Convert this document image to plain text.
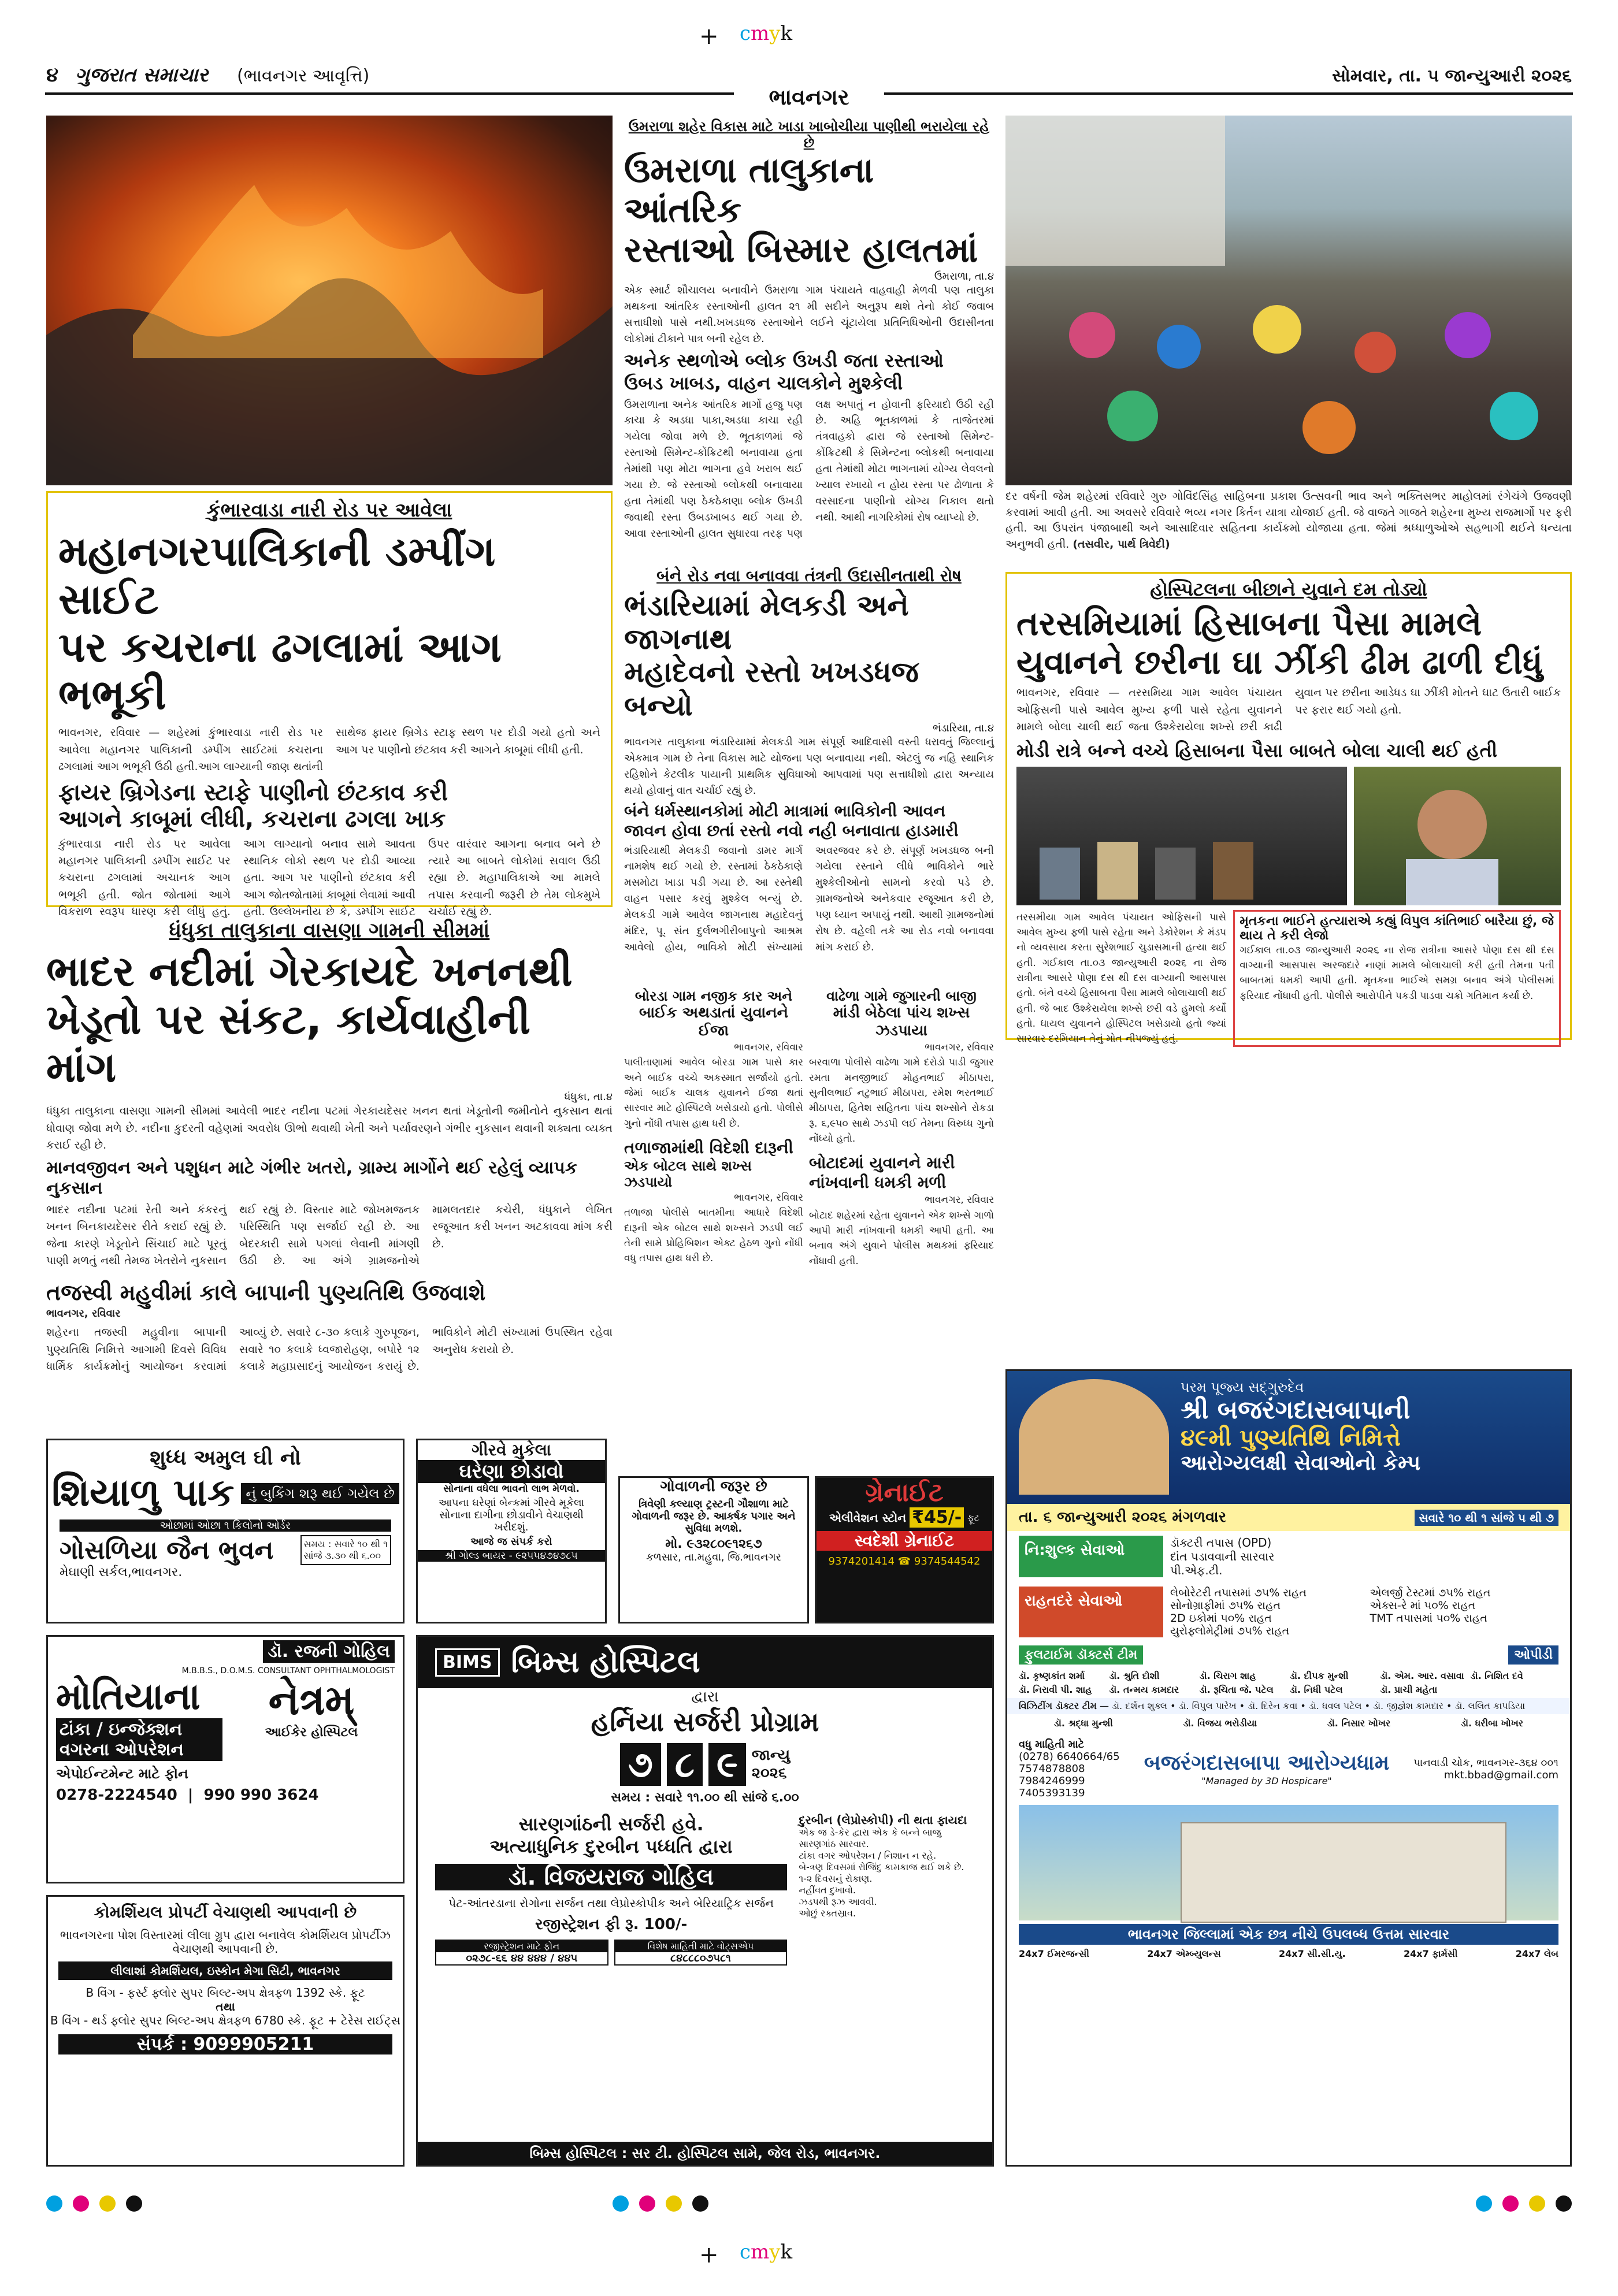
+ cmyk
૪ ગુજરાત સમાચાર (ભાવનગર આવૃત્તિ)	સોમવાર, તા. ૫ જાન્યુઆરી ૨૦૨૬
ભાવનગર
કુંભારવાડા નારી રોડ પર આવેલા
મહાનગરપાલિકાની ડમ્પીંગ સાઈટ
પર કચરાના ઢગલામાં આગ ભભૂકી
ભાવનગર, રવિવાર — શહેરમાં કુંભારવાડા નારી રોડ પર આવેલા મહાનગર પાલિકાની ડમ્પીંગ સાઈટમાં કચરાના ઢગલામાં આગ ભભૂકી ઉઠી હતી.આગ લાગ્યાની જાણ થતાંની સાથેજ ફાયર બ્રિગેડ સ્ટાફ સ્થળ પર દોડી ગયો હતો અને આગ પર પાણીનો છંટકાવ કરી આગને કાબૂમાં લીધી હતી.
ફાયર બ્રિગેડના સ્ટાફે પાણીનો છંટકાવ કરી
આગને કાબૂમાં લીધી, કચરાના ઢગલા ખાક
કુંભારવાડા નારી રોડ પર આવેલા મહાનગર પાલિકાની ડમ્પીંગ સાઈટ પર કચરાના ઢગલામાં અચાનક આગ ભભૂકી હતી. જોત જોતામાં આગે વિકરાળ સ્વરૂપ ધારણ કરી લીધું હતું. આગ લાગ્યાનો બનાવ સામે આવતા સ્થાનિક લોકો સ્થળ પર દોડી આવ્યા હતા. આગ પર પાણીનો છંટકાવ કરી આગ જોતજોતામાં કાબૂમાં લેવામાં આવી હતી. ઉલ્લેખનીય છે કે, ડમ્પીંગ સાઈટ ઉપર વારંવાર આગના બનાવ બને છે ત્યારે આ બાબતે લોકોમાં સવાલ ઉઠી રહ્યા છે. મહાપાલિકાએ આ મામલે તપાસ કરવાની જરૂરી છે તેમ લોકમુખે ચર્ચાઈ રહ્યું છે.
ઉમરાળા શહેર વિકાસ માટે ખાડા ખાબોચીયા પાણીથી ભરાયેલા રહે છે
ઉમરાળા તાલુકાના આંતરિક
રસ્તાઓ બિસ્માર હાલતમાં
ઉમરાળા, તા.૪
એક સ્માર્ટ શૌચાલય બનાવીને ઉમરાળા ગામ પંચાયતે વાહવાહી મેળવી પણ તાલુકા મથકના આંતરિક રસ્તાઓની હાલત ૨૧ મી સદીને અનુરૂપ થશે તેનો કોઈ જવાબ સત્તાધીશો પાસે નથી.ખખડધજ રસ્તાઓને લઈને ચૂંટાયેલા પ્રતિનિધિઓની ઉદાસીનતા લોકોમાં ટીકાને પાત્ર બની રહેલ છે.
અનેક સ્થળોએ બ્લોક ઉખડી જતા રસ્તાઓ
ઉબડ ખાબડ, વાહન ચાલકોને મુશ્કેલી
ઉમરાળાના અનેક આંતરિક માર્ગો હજુ પણ કાચા કે અડધા પાકા,અડધા કાચા રહી ગયેલા જોવા મળે છે. ભૂતકાળમાં જે રસ્તાઓ સિમેન્ટ-કોંક્રિટથી બનાવાયા હતા તેમાંથી પણ મોટા ભાગના હવે ખરાબ થઈ ગયા છે. જે રસ્તાઓ બ્લોકથી બનાવાયા હતા તેમાંથી પણ ઠેકઠેકાણા બ્લોક ઉખડી જવાથી રસ્તા ઉબડખાબડ થઈ ગયા છે. આવા રસ્તાઓની હાલત સુધારવા તરફ પણ લક્ષ અપાતું ન હોવાની ફરિયાદો ઉઠી રહી છે. અહિ ભૂતકાળમાં કે તાજેતરમાં તંત્રવાહકો દ્વારા જે રસ્તાઓ સિમેન્ટ-કોંક્રિટથી કે સિમેન્ટના બ્લોકથી બનાવાયા હતા તેમાંથી મોટા ભાગનામાં યોગ્ય લેવલનો ખ્યાલ રખાયો ન હોય રસ્તા પર ઢોળાતા કે વરસાદના પાણીનો યોગ્ય નિકાલ થતો નથી. આથી નાગરિકોમાં રોષ વ્યાપ્યો છે.
દર વર્ષની જેમ શહેરમાં રવિવારે ગુરુ ગોવિંદસિંહ સાહિબના પ્રકાશ ઉત્સવની ભાવ અને ભક્તિસભર માહોલમાં રંગેચંગે ઉજવણી કરવામાં આવી હતી. આ અવસરે રવિવારે ભવ્ય નગર કિર્તન યાત્રા યોજાઈ હતી. જે વાજતે ગાજતે શહેરના મુખ્ય રાજમાર્ગો પર ફરી હતી. આ ઉપરાંત પંજાબાથી અને આસાદિવાર સહિતના કાર્યક્રમો યોજાયા હતા. જેમાં શ્રધ્ધાળુઓએ સહભાગી થઈને ધન્યતા અનુભવી હતી. (તસવીર, પાર્થ ત્રિવેદી)
બંને રોડ નવા બનાવવા તંત્રની ઉદાસીનતાથી રોષ
ભંડારિયામાં મેલકડી અને જાગનાથ
મહાદેવનો રસ્તો ખખડધજ બન્યો
ભંડારિયા, તા.૪
ભાવનગર તાલુકાના ભંડારિયામાં મેલકડી ગામ સંપૂર્ણ આદિવાસી વસ્તી ધરાવતું જિલ્લાનું એકમાત્ર ગામ છે તેના વિકાસ માટે યોજના પણ બનાવાયા નથી. એટલું જ નહિ સ્થાનિક રહિશોને કેટલીક પાયાની પ્રાથમિક સુવિધાઓ આપવામાં પણ સત્તાધીશો દ્વારા અન્યાય થયો હોવાનું વાત ચર્ચાઈ રહ્યું છે.
બંને ધર્મસ્થાનકોમાં મોટી માત્રામાં ભાવિકોની આવન
જાવન હોવા છતાં રસ્તો નવો નહી બનાવાતા હાડમારી
ભંડારિયાથી મેલકડી જવાનો ડામર માર્ગ નામશેષ થઈ ગયો છે. રસ્તામાં ઠેકઠેકાણે મસમોટા ખાડા પડી ગયા છે. આ રસ્તેથી વાહન પસાર કરવું મુશ્કેલ બન્યું છે. મેલકડી ગામે આવેલ જાગનાથ મહાદેવનું મંદિર, પૂ. સંત દુર્લભગીરીબાપુનો આશ્રમ આવેલો હોય, ભાવિકો મોટી સંખ્યામાં અવરજવર કરે છે. સંપૂર્ણ ખખડધજ બની ગયેલા રસ્તાને લીધે ભાવિકોને ભારે મુશ્કેલીઓનો સામનો કરવો પડે છે. ગ્રામજનોએ અનેકવાર રજૂઆત કરી છે, પણ ધ્યાન અપાયું નથી. આથી ગ્રામજનોમાં રોષ છે. વહેલી તકે આ રોડ નવો બનાવવા માંગ કરાઈ છે.
હોસ્પિટલના બીછાને યુવાને દમ તોડ્યો
તરસમિયામાં હિસાબના પૈસા મામલે
યુવાનને છરીના ઘા ઝીંકી ઢીમ ઢાળી દીધું
ભાવનગર, રવિવાર — તરસમિયા ગામ આવેલ પંચાયત ઓફિસની પાસે આવેલ મુખ્ય ફળી પાસે રહેતા યુવાનને મામલે બોલા ચાલી થઈ જતા ઉશ્કેરાયેલા શખ્સે છરી કાઢી યુવાન પર છરીના આડેધડ ઘા ઝીંકી મોતને ઘાટ ઉતારી બાઈક પર ફરાર થઈ ગયો હતો.
મોડી રાત્રે બન્ને વચ્ચે હિસાબના પૈસા બાબતે બોલા ચાલી થઈ હતી
તરસમીયા ગામ આવેલ પંચાયત ઓફિસની પાસે આવેલ મુખ્ય ફળી પાસે રહેતા અને ડેકોરેશન કે મંડપ નો વ્યવસાય કરતા સુરેશભાઈ ચુડાસમાની હત્યા થઈ હતી. ગઈકાલ તા.૦૩ જાન્યુઆરી ૨૦૨૬ ના રોજ રાત્રીના આસરે પોણા દસ થી દસ વાગ્યાની આસપાસ હતો. બંને વચ્ચે હિસાબના પૈસા મામલે બોલાચાલી થઈ હતી. જે બાદ ઉશ્કેરાયેલા શખ્સે છરી વડે હુમલો કર્યો હતો. ઘાયલ યુવાનને હોસ્પિટલ ખસેડાયો હતો જ્યાં સારવાર દરમિયાન તેનું મોત નીપજ્યું હતું.
મૃતકના ભાઈને હત્યારાએ કહ્યું વિપુલ કાંતિભાઈ બારૈયા છું, જે થાય તે કરી લેજો
ગઈકાલ તા.૦૩ જાન્યુઆરી ૨૦૨૬ ના રોજ રાત્રીના આસરે પોણા દસ થી દસ વાગ્યાની આસપાસ અરજદારે નાણાં મામલે બોલાચાલી કરી હતી તેમના પતી બાબતમાં ધમકી આપી હતી. મૃતકના ભાઈએ સમગ્ર બનાવ અંગે પોલીસમાં ફરિયાદ નોંધાવી હતી. પોલીસે આરોપીને પકડી પાડવા ચક્રો ગતિમાન કર્યા છે.
ધંધુકા તાલુકાના વાસણા ગામની સીમમાં
ભાદર નદીમાં ગેરકાયદે ખનનથી
ખેડૂતો પર સંકટ, કાર્યવાહીની માંગ
ધંધુકા, તા.૪
ધંધુકા તાલુકાના વાસણા ગામની સીમમાં આવેલી ભાદર નદીના પટમાં ગેરકાયદેસર ખનન થતાં ખેડૂતોની જમીનોને નુકસાન થતાં ધોવાણ જોવા મળે છે. નદીના કુદરતી વહેણમાં અવરોધ ઊભો થવાથી ખેતી અને પર્યાવરણને ગંભીર નુકસાન થવાની શક્યતા વ્યક્ત કરાઈ રહી છે.
માનવજીવન અને પશુધન માટે ગંભીર ખતરો, ગ્રામ્ય માર્ગોને થઈ રહેલું વ્યાપક નુકસાન
ભાદર નદીના પટમાં રેતી અને કંકરનું ખનન બિનકાયદેસર રીતે કરાઈ રહ્યું છે. જેના કારણે ખેડૂતોને સિંચાઈ માટે પૂરતું પાણી મળતું નથી તેમજ ખેતરોને નુકસાન થઈ રહ્યું છે. વિસ્તાર માટે જોખમજનક પરિસ્થિતિ પણ સર્જાઈ રહી છે. આ બેદરકારી સામે પગલાં લેવાની માંગણી ઉઠી છે. આ અંગે ગ્રામજનોએ મામલતદાર કચેરી, ધંધુકાને લેખિત રજૂઆત કરી ખનન અટકાવવા માંગ કરી છે.
તજસ્વી મહુવીમાં કાલે બાપાની પુણ્યતિથિ ઉજવાશે
ભાવનગર, રવિવાર
શહેરના તજસ્વી મહુવીના બાપાની પુણ્યતિથિ નિમિત્તે આગામી દિવસે વિવિધ ધાર્મિક કાર્યક્રમોનું આયોજન કરવામાં આવ્યું છે. સવારે ૮-૩૦ કલાકે ગુરુપૂજન, સવારે ૧૦ કલાકે ધ્વજારોહણ, બપોરે ૧૨ કલાકે મહાપ્રસાદનું આયોજન કરાયું છે. ભાવિકોને મોટી સંખ્યામાં ઉપસ્થિત રહેવા અનુરોધ કરાયો છે.
બોરડા ગામ નજીક કાર અને
બાઈક અથડાતાં યુવાનને ઈજા
ભાવનગર, રવિવાર
પાલીતાણામાં આવેલ બોરડા ગામ પાસે કાર અને બાઈક વચ્ચે અકસ્માત સર્જાયો હતો. જેમાં બાઈક ચાલક યુવાનને ઈજા થતાં સારવાર માટે હોસ્પિટલે ખસેડાયો હતો. પોલીસે ગુનો નોંધી તપાસ હાથ ધરી છે.
તળાજામાંથી વિદેશી દારૂની
એક બોટલ સાથે શખ્સ ઝડપાયો
ભાવનગર, રવિવાર
તળાજા પોલીસે બાતમીના આધારે વિદેશી દારૂની એક બોટલ સાથે શખ્સને ઝડપી લઈ તેની સામે પ્રોહિબિશન એક્ટ હેઠળ ગુનો નોંધી વધુ તપાસ હાથ ધરી છે.
વાઢેળા ગામે જુગારની બાજી
માંડી બેઠેલા પાંચ શખ્સ ઝડપાયા
ભાવનગર, રવિવાર
બરવાળા પોલીસે વાઢેળા ગામે દરોડો પાડી જુગાર રમતા મનજીભાઈ મોહનભાઈ મીઠાપરા, સુનીલભાઈ નટુભાઈ મીઠાપરા, રમેશ ભરતભાઈ મીઠાપરા, હિતેશ સહિતના પાંચ શખ્સોને રોકડા રૂ. ૬,૯૫૦ સાથે ઝડપી લઈ તેમના વિરુધ્ધ ગુનો નોંધ્યો હતો.
બોટાદમાં યુવાનને મારી
નાંખવાની ધમકી મળી
ભાવનગર, રવિવાર
બોટાદ શહેરમાં રહેતા યુવાનને એક શખ્સે ગાળો આપી મારી નાંખવાની ધમકી આપી હતી. આ બનાવ અંગે યુવાને પોલીસ મથકમાં ફરિયાદ નોંધાવી હતી.
શુધ્ધ અમુલ ઘી નો
શિયાળુ પાક નું બુકિંગ શરૂ થઈ ગયેલ છે
ઓછામાં ઓછા ૧ કિલોનો ઓર્ડર
ગોસળિયા જૈન ભુવન	સમય : સવારે ૧૦ થી ૧
સાંજે ૩.૩૦ થી ૬.૦૦
મેઘાણી સર્કલ,ભાવનગર.
ગીરવે મુકેલા
ઘરેણા છોડાવો
સોનાના વધેલા ભાવનો લાભ મેળવો.
આપના ઘરેણાં બેન્કમાં ગીરવે મૂકેલા સોનાના દાગીના છોડાવીને વેચાણથી ખરીદશું.
આજે જ સંપર્ક કરો
શ્રી ગોલ્ડ બાયર - ૯૨૫૫૪૭૪૭૮૫
ગોવાળની જરૂર છે
ત્રિવેણી કલ્યાણ ટ્રસ્ટની ગૌશાળા માટે ગોવાળની જરૂર છે. આકર્ષક પગાર અને સુવિધા મળશે.
મો. ૯૩૨૮૦૯૧૨૬૭
કળસાર, તા.મહુવા, જિ.ભાવનગર
ગ્રેનાઈટ
એલીવેશન સ્ટોન ₹45/- ફૂટ
સ્વદેશી ગ્રેનાઈટ
9374201414 ☎ 9374544542

ડૉ. રજની ગોહિલ
M.B.B.S., D.O.M.S. CONSULTANT OPHTHALMOLOGIST
મોતિયાના
ટાંકા / ઇન્જેક્શન વગરના ઓપરેશન
નેત્રમ્
આઈકેર હોસ્પિટલ
એપોઈન્ટમેન્ટ માટે ફોન
0278-2224540  |  990 990 3624
કોમર્શિયલ પ્રોપર્ટી વેચાણથી આપવાની છે
ભાવનગરના પોશ વિસ્તારમાં લીલા ગ્રુપ દ્વારા બનાવેલ કોમર્શિયલ પ્રોપર્ટીઝ વેચાણથી આપવાની છે.
લીલાશાં કોમર્શિયલ, ઇસ્કોન મેગા સિટી, ભાવનગર
B વિંગ - ફર્સ્ટ ફ્લોર સુપર બિલ્ટ-અપ ક્ષેત્રફળ 1392 સ્કે. ફૂટ
તથા
B વિંગ - થર્ડ ફ્લોર સુપર બિલ્ટ-અપ ક્ષેત્રફળ 6780 સ્કે. ફૂટ + ટેરેસ રાઈટ્સ
સંપર્ક : 9099905211
BIMS બિમ્સ હોસ્પિટલ
દ્વારા
હર્નિયા સર્જરી પ્રોગ્રામ
૭ ૮ ૯ જાન્યુ
૨૦૨૬
સમય : સવારે ૧૧.૦૦ થી સાંજે ૬.૦૦
સારણગાંઠની સર્જરી હવે.
અત્યાધુનિક દુરબીન પધ્ધતિ દ્વારા
ડૉ. વિજયરાજ ગોહિલ
પેટ-આંતરડાના રોગોના સર્જન તથા લેપ્રોસ્કોપીક અને બેરિયાટ્રિક સર્જન
રજીસ્ટ્રેશન ફી રૂ. 100/-
રજીસ્ટ્રેશન માટે ફોન
૦૨૭૮-૬૬ ૪૪ ૪૪૪ / ૪૪૫
વિશેષ માહિતી માટે વોટ્સએપ
૮૪૮૮૮૦૭૫૮૧
દુરબીન (લેપ્રોસ્કોપી) ની થતા ફાયદા
એક જ ડે-કેર દ્વારા એક કે બન્ને બાજુ સારણગાંઠ સારવાર.
ટાંકા વગર ઓપરેશન / નિશાન ન રહે.
બે-ત્રણ દિવસમાં રોજિંદુ કામકાજ થઈ શકે છે.
૧-૨ દિવસનું રોકાણ.
નહીંવત દુખાવો.
ઝડપથી રૂઝ આવવી.
ઓછું રક્તસ્રાવ.
બિમ્સ હોસ્પિટલ : સર ટી. હોસ્પિટલ સામે, જેલ રોડ, ભાવનગર.
પરમ પૂજ્ય સદ્ગુરુદેવ
શ્રી બજરંગદાસબાપાની
૪૯મી પુણ્યતિથિ નિમિત્તે
આરોગ્યલક્ષી સેવાઓનો કેમ્પ
તા. ૬ જાન્યુઆરી ૨૦૨૬ મંગળવાર	સવારે ૧૦ થી ૧ સાંજે ૫ થી ૭
નિ:શુલ્ક સેવાઓ	ડૉક્ટરી તપાસ (OPD)
દાંત પડાવવાની સારવાર
પી.એફ.ટી.
રાહતદરે સેવાઓ	લેબોરેટરી તપાસમાં ૭૫% રાહત
સોનોગ્રાફીમાં ૭૫% રાહત
2D ઇકોમાં ૫૦% રાહત
યુરોફ્લોમેટ્રીમાં ૭૫% રાહત
એલર્જી ટેસ્ટમાં ૭૫% રાહત
એક્સ-રે માં ૫૦% રાહત
TMT તપાસમાં ૫૦% રાહત
ફુલટાઈમ ડૉક્ટર્સ ટીમ	ઓપીડી
ડૉ. કૃષ્ણકાંત શર્મા	ડૉ. શ્રુતિ દોશી	ડૉ. ચિરાગ શાહ	ડૉ. દીપક મુન્શી	ડૉ. એમ. આર. વસાવા ડૉ. નિશિત દવે
ડૉ. નિરાવી પી. શાહ	ડૉ. તન્મય કામદાર	ડૉ. રૂચિતા જે. પટેલ	ડૉ. નિધી પટેલ	ડૉ. પ્રાચી મહેતા
વિઝિટીંગ ડૉક્ટર ટીમ — ડૉ. દર્શન શુક્લ • ડૉ. વિપુલ પારેખ • ડૉ. દિરેન કવા • ડૉ. ધવલ પટેલ • ડૉ. જીજ્ઞેશ કામદાર • ડૉ. લલિત કાપડિયા
ડૉ. શ્રદ્ધા મુન્શી	ડૉ. વિજય ભરોડીયા	ડૉ. નિસાર ખોખર	ડૉ. ધરીબા ખોખર
વધુ માહિતી માટે
(0278) 6640664/65
7574878808
7984246999
7405393139
બજરંગદાસબાપા આરોગ્યધામ
"Managed by 3D Hospicare"
પાનવાડી ચોક, ભાવનગર-૩૬૪ ૦૦૧
mkt.bbad@gmail.com
ભાવનગર જિલ્લામાં એક છત્ર નીચે ઉપલબ્ધ ઉત્તમ સારવાર
24x7 ઈમરજન્સી	24x7 એમ્બ્યુલન્સ	24x7 સી.સી.યુ.	24x7 ફાર્મસી	24x7 લેબ
+ cmyk
